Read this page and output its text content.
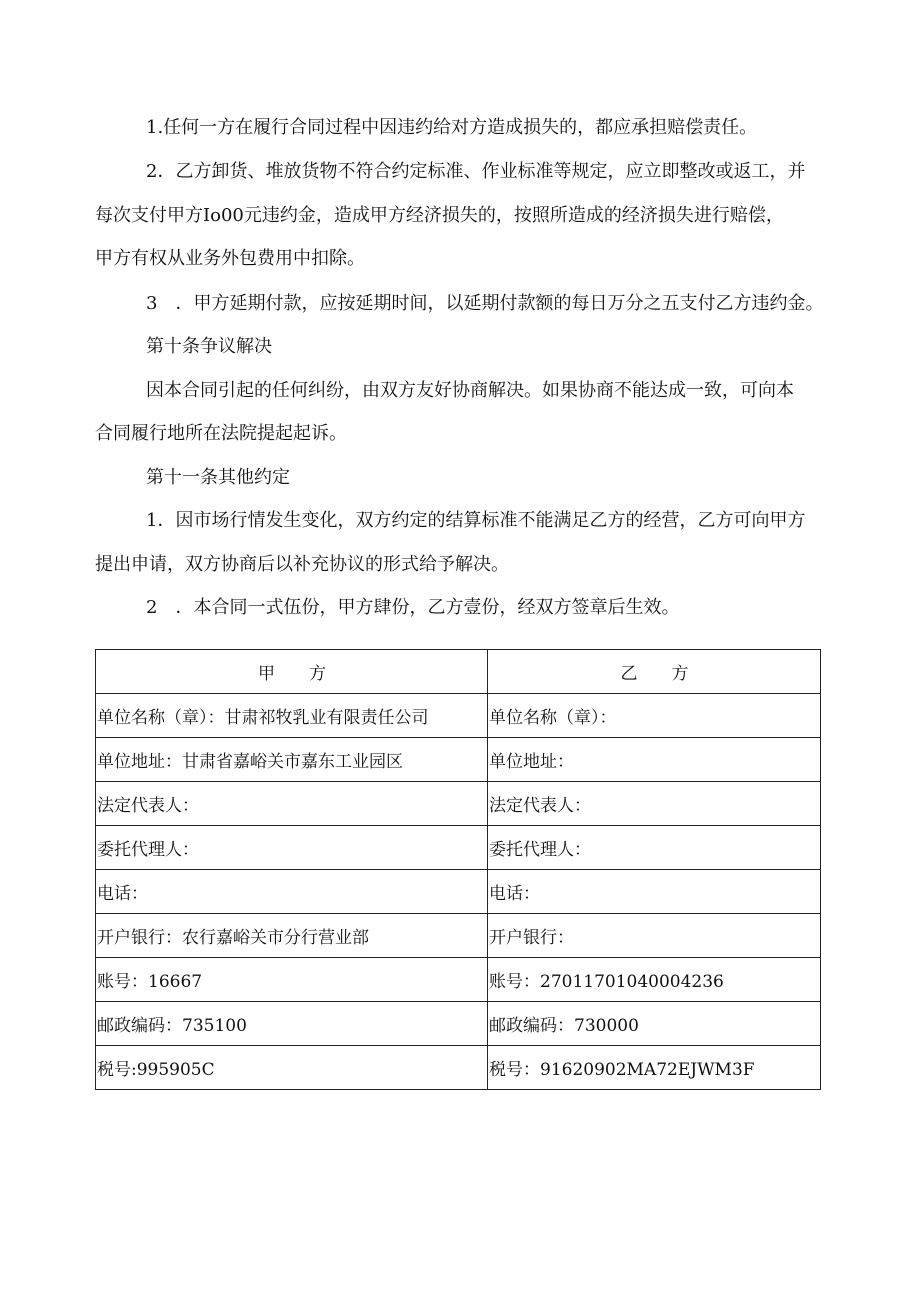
1.任何一方在履行合同过程中因违约给对方造成损失的，都应承担赔偿责任。
2．乙方卸货、堆放货物不符合约定标准、作业标准等规定，应立即整改或返工，并
每次支付甲方Io00元违约金，造成甲方经济损失的，按照所造成的经济损失进行赔偿，
甲方有权从业务外包费用中扣除。
3　．甲方延期付款，应按延期时间，以延期付款额的每日万分之五支付乙方违约金。
第十条争议解决
因本合同引起的任何纠纷，由双方友好协商解决。如果协商不能达成一致，可向本
合同履行地所在法院提起起诉。
第十一条其他约定
1．因市场行情发生变化，双方约定的结算标准不能满足乙方的经营，乙方可向甲方
提出申请，双方协商后以补充协议的形式给予解决。
2　．本合同一式伍份，甲方肆份，乙方壹份，经双方签章后生效。
甲　　方	乙　　方
单位名称（章）：甘肃祁牧乳业有限责任公司	单位名称（章）：
单位地址：甘肃省嘉峪关市嘉东工业园区	单位地址：
法定代表人：	法定代表人：
委托代理人：	委托代理人：
电话：	电话：
开户银行：农行嘉峪关市分行营业部	开户银行：
账号：16667	账号：27011701040004236
邮政编码：735100	邮政编码：730000
税号:995905C	税号：91620902MA72EJWM3F
